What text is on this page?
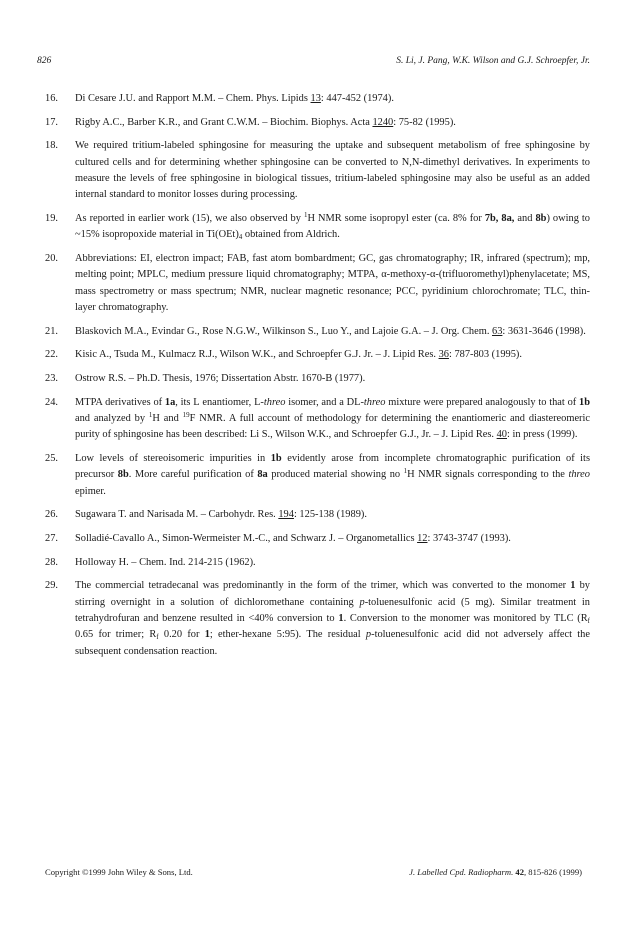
826	S. Li, J. Pang, W.K. Wilson and G.J. Schroepfer, Jr.
16.	Di Cesare J.U. and Rapport M.M. – Chem. Phys. Lipids 13: 447-452 (1974).
17.	Rigby A.C., Barber K.R., and Grant C.W.M. – Biochim. Biophys. Acta 1240: 75-82 (1995).
18.	We required tritium-labeled sphingosine for measuring the uptake and subsequent metabolism of free sphingosine by cultured cells and for determining whether sphingosine can be converted to N,N-dimethyl derivatives. In experiments to measure the levels of free sphingosine in biological tissues, tritium-labeled sphingosine may also be useful as an added internal standard to monitor losses during processing.
19.	As reported in earlier work (15), we also observed by $^1$H NMR some isopropyl ester (ca. 8% for 7b, 8a, and 8b) owing to ~15% isopropoxide material in $Ti(OEt)_4$ obtained from Aldrich.
20.	Abbreviations: EI, electron impact; FAB, fast atom bombardment; GC, gas chromatography; IR, infrared (spectrum); mp, melting point; MPLC, medium pressure liquid chromatography; MTPA, α-methoxy-α-(trifluoromethyl)phenylacetate; MS, mass spectrometry or mass spectrum; NMR, nuclear magnetic resonance; PCC, pyridinium chlorochromate; TLC, thin-layer chromatography.
21.	Blaskovich M.A., Evindar G., Rose N.G.W., Wilkinson S., Luo Y., and Lajoie G.A. – J. Org. Chem. 63: 3631-3646 (1998).
22.	Kisic A., Tsuda M., Kulmacz R.J., Wilson W.K., and Schroepfer G.J. Jr. – J. Lipid Res. 36: 787-803 (1995).
23.	Ostrow R.S. – Ph.D. Thesis, 1976; Dissertation Abstr. 1670-B (1977).
24.	MTPA derivatives of 1a, its L enantiomer, L-threo isomer, and a DL-threo mixture were prepared analogously to that of 1b and analyzed by $^1$H and $^{19}$F NMR. A full account of methodology for determining the enantiomeric and diastereomeric purity of sphingosine has been described: Li S., Wilson W.K., and Schroepfer G.J., Jr. – J. Lipid Res. 40: in press (1999).
25.	Low levels of stereoisomeric impurities in 1b evidently arose from incomplete chromatographic purification of its precursor 8b. More careful purification of 8a produced material showing no $^1$H NMR signals corresponding to the threo epimer.
26.	Sugawara T. and Narisada M. – Carbohydr. Res. 194: 125-138 (1989).
27.	Solladié-Cavallo A., Simon-Wermeister M.-C., and Schwarz J. – Organometallics 12: 3743-3747 (1993).
28.	Holloway H. – Chem. Ind. 214-215 (1962).
29.	The commercial tetradecanal was predominantly in the form of the trimer, which was converted to the monomer 1 by stirring overnight in a solution of dichloromethane containing p-toluenesulfonic acid (5 mg). Similar treatment in tetrahydrofuran and benzene resulted in <40% conversion to 1. Conversion to the monomer was monitored by TLC ($R_f$ 0.65 for trimer; $R_f$ 0.20 for 1; ether-hexane 5:95). The residual p-toluenesulfonic acid did not adversely affect the subsequent condensation reaction.
Copyright ©1999 John Wiley & Sons, Ltd.	J. Labelled Cpd. Radiopharm. 42, 815-826 (1999)
